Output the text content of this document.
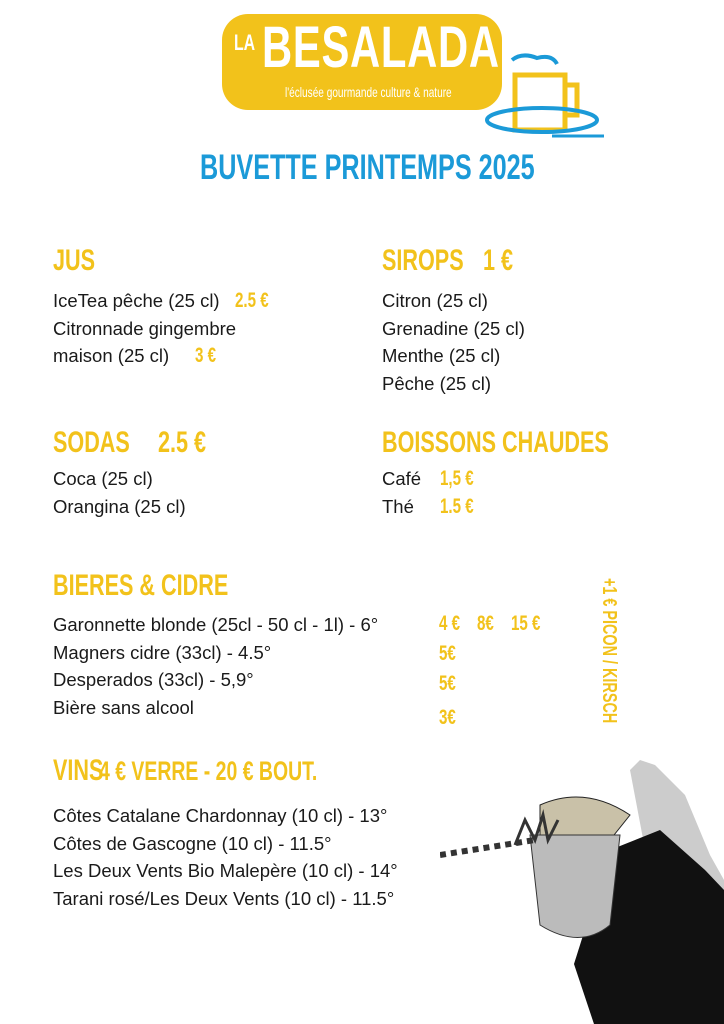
LA BESALADA
l'éclusée gourmande culture & nature
BUVETTE PRINTEMPS 2025
JUS
IceTea pêche (25 cl) 2.5 €
Citronnade gingembre
maison (25 cl) 3 €
SIROPS 1 €
Citron (25 cl)
Grenadine (25 cl)
Menthe (25 cl)
Pêche (25 cl)
SODAS 2.5 €
Coca (25 cl)
Orangina (25 cl)
BOISSONS CHAUDES
Café 1,5 €
Thé 1.5 €
BIERES & CIDRE
Garonnette blonde (25cl - 50 cl - 1l) - 6°
Magners cidre (33cl) - 4.5°
Desperados (33cl) - 5,9°
Bière sans alcool
4 € 8€ 15 €
5€
5€
3€	+1 € PICON / KIRSCH
VINS4 € VERRE - 20 € BOUT.
Côtes Catalane Chardonnay (10 cl) - 13°
Côtes de Gascogne (10 cl) - 11.5°
Les Deux Vents Bio Malepère (10 cl) - 14°
Tarani rosé/Les Deux Vents (10 cl) - 11.5°
